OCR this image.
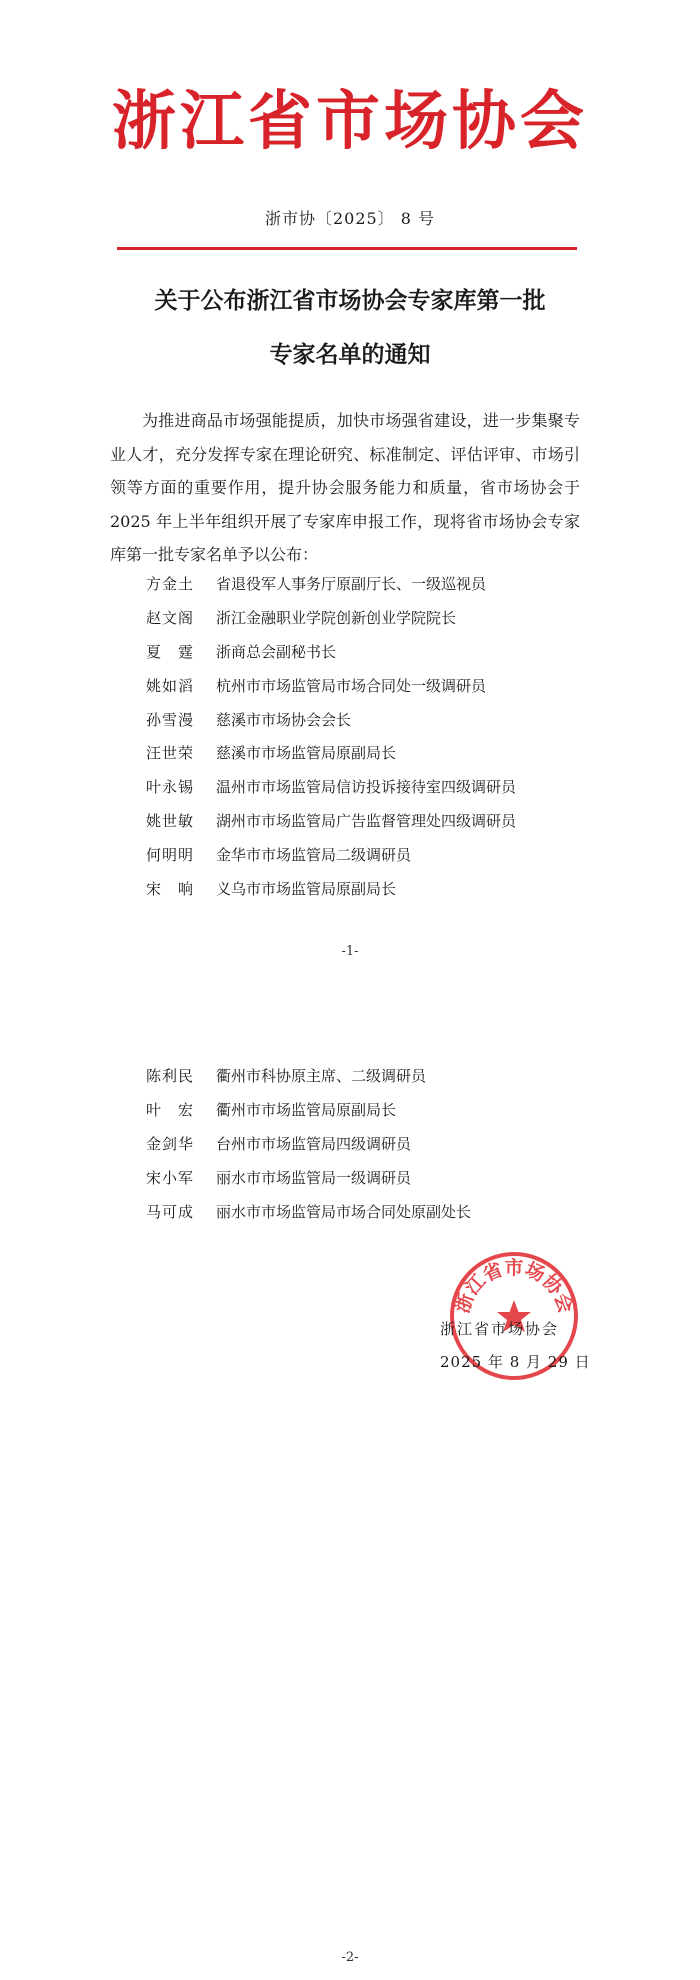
浙江省市场协会
浙市协〔2025〕 8 号
关于公布浙江省市场协会专家库第一批
专家名单的通知
为推进商品市场强能提质，加快市场强省建设，进一步集聚专业人才，充分发挥专家在理论研究、标准制定、评估评审、市场引领等方面的重要作用，提升协会服务能力和质量，省市场协会于 2025 年上半年组织开展了专家库申报工作，现将省市场协会专家库第一批专家名单予以公布：
方金土	省退役军人事务厅原副厅长、一级巡视员
赵文阁	浙江金融职业学院创新创业学院院长
夏　霆	浙商总会副秘书长
姚如滔	杭州市市场监管局市场合同处一级调研员
孙雪漫	慈溪市市场协会会长
汪世荣	慈溪市市场监管局原副局长
叶永锡	温州市市场监管局信访投诉接待室四级调研员
姚世敏	湖州市市场监管局广告监督管理处四级调研员
何明明	金华市市场监管局二级调研员
宋　响	义乌市市场监管局原副局长
-1-
陈利民	衢州市科协原主席、二级调研员
叶　宏	衢州市市场监管局原副局长
金剑华	台州市市场监管局四级调研员
宋小军	丽水市市场监管局一级调研员
马可成	丽水市市场监管局市场合同处原副处长
浙江省市场协会
浙江省市场协会
2025 年 8 月 29 日
-2-
